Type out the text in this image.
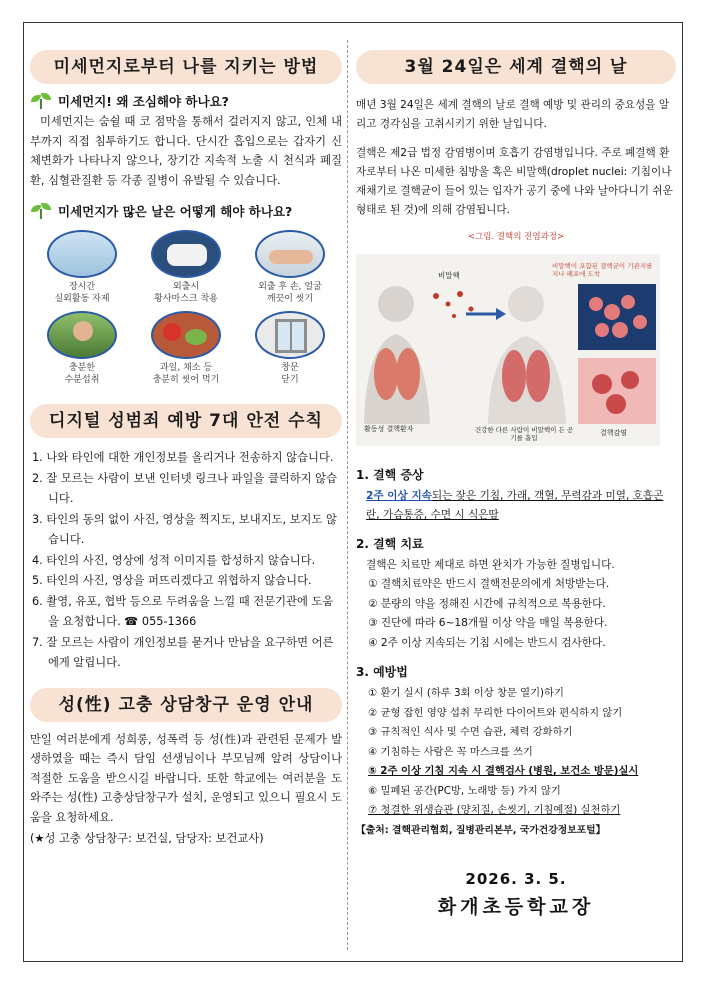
미세먼지로부터 나를 지키는 방법
미세먼지! 왜 조심해야 하나요?

미세먼지는 숨쉴 때 코 점막을 통해서 걸러지지 않고, 인체 내부까지 직접 침투하기도 합니다. 단시간 흡입으로는 갑자기 신체변화가 나타나지 않으나, 장기간 지속적 노출 시 천식과 폐질환, 심혈관질환 등 각종 질병이 유발될 수 있습니다.

미세먼지가 많은 날은 어떻게 해야 하나요?
장시간
실외활동 자제
외출시
황사마스크 착용
외출 후 손, 얼굴
깨끗이 씻기
충분한
수분섭취
과일, 채소 등
충분히 씻어 먹기
창문
닫기
디지털 성범죄 예방 7대 안전 수칙
1. 나와 타인에 대한 개인정보를 올리거나 전송하지 않습니다.
2. 잘 모르는 사람이 보낸 인터넷 링크나 파일을 클릭하지 않습니다.
3. 타인의 동의 없이 사진, 영상을 찍지도, 보내지도, 보지도 않습니다.
4. 타인의 사진, 영상에 성적 이미지를 합성하지 않습니다.
5. 타인의 사진, 영상을 퍼뜨리겠다고 위협하지 않습니다.
6. 촬영, 유포, 협박 등으로 두려움을 느낄 때 전문기관에 도움을 요청합니다. ☎ 055-1366
7. 잘 모르는 사람이 개인정보를 묻거나 만남을 요구하면 어른에게 알립니다.
성(性) 고충 상담창구 운영 안내

만일 여러분에게 성희롱, 성폭력 등 성(性)과 관련된 문제가 발생하였을 때는 즉시 담임 선생님이나 부모님께 알려 상담이나 적절한 도움을 받으시길 바랍니다. 또한 학교에는 여러분을 도와주는 성(性) 고충상담창구가 설치, 운영되고 있으니 필요시 도움을 요청하세요.

(★성 고충 상담창구: 보건실, 담당자: 보건교사)

3월 24일은 세계 결핵의 날

매년 3월 24일은 세계 결핵의 날로 결핵 예방 및 관리의 중요성을 알리고 경각심을 고취시키기 위한 날입니다.

결핵은 제2급 법정 감염병이며 호흡기 감염병입니다. 주로 폐결핵 환자로부터 나온 미세한 침방울 혹은 비말핵(droplet nuclei: 기침이나 재채기로 결핵균이 들어 있는 입자가 공기 중에 나와 날아다니기 쉬운 형태로 된 것)에 의해 감염됩니다.

<그림. 결핵의 전염과정>
비말핵
비말핵이 포함된 결핵균이 기관지를 지나 폐포에 도착
활동성 결핵환자	건강한 다른 사람이 비말핵이 든 공기를 흡입
결핵감염
1. 결핵 증상

2주 이상 지속되는 잦은 기침, 가래, 객혈, 무력감과 미열, 호흡곤란, 가슴통증, 수면 시 식은땀

2. 결핵 치료

결핵은 치료만 제대로 하면 완치가 가능한 질병입니다.

① 결핵치료약은 반드시 결핵전문의에게 처방받는다.
② 분량의 약을 정해진 시간에 규칙적으로 복용한다.
③ 진단에 따라 6~18개월 이상 약을 매일 복용한다.
④ 2주 이상 지속되는 기침 시에는 반드시 검사한다.
3. 예방법
① 환기 실시 (하루 3회 이상 창문 열기)하기
② 균형 잡힌 영양 섭취 무리한 다이어트와 편식하지 않기
③ 규칙적인 식사 및 수면 습관, 체력 강화하기
④ 기침하는 사람은 꼭 마스크를 쓰기
⑤ 2주 이상 기침 지속 시 결핵검사 (병원, 보건소 방문)실시
⑥ 밀폐된 공간(PC방, 노래방 등) 가지 않기
⑦ 청결한 위생습관 (양치질, 손씻기, 기침예절) 실천하기

【출처: 결핵관리협회, 질병관리본부, 국가건강정보포털】

2026. 3. 5.
화개초등학교장
